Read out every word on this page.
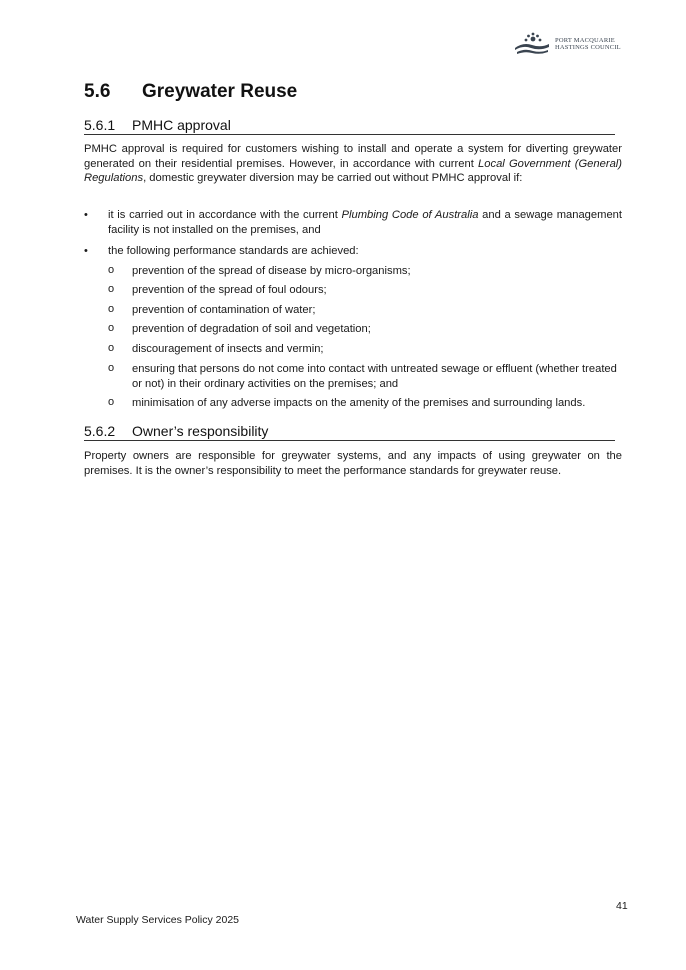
PORT MACQUARIE
HASTINGS COUNCIL
5.6 Greywater Reuse
5.6.1 PMHC approval

PMHC approval is required for customers wishing to install and operate a system for diverting greywater generated on their residential premises. However, in accordance with current Local Government (General) Regulations, domestic greywater diversion may be carried out without PMHC approval if:

• it is carried out in accordance with the current Plumbing Code of Australia and a sewage management facility is not installed on the premises, and
• the following performance standards are achieved:
o prevention of the spread of disease by micro-organisms;
o prevention of the spread of foul odours;
o prevention of contamination of water;
o prevention of degradation of soil and vegetation;
o discouragement of insects and vermin;
o ensuring that persons do not come into contact with untreated sewage or effluent (whether treated or not) in their ordinary activities on the premises; and
o minimisation of any adverse impacts on the amenity of the premises and surrounding lands.
5.6.2 Owner’s responsibility

Property owners are responsible for greywater systems, and any impacts of using greywater on the premises. It is the owner’s responsibility to meet the performance standards for greywater reuse.

41
Water Supply Services Policy 2025
